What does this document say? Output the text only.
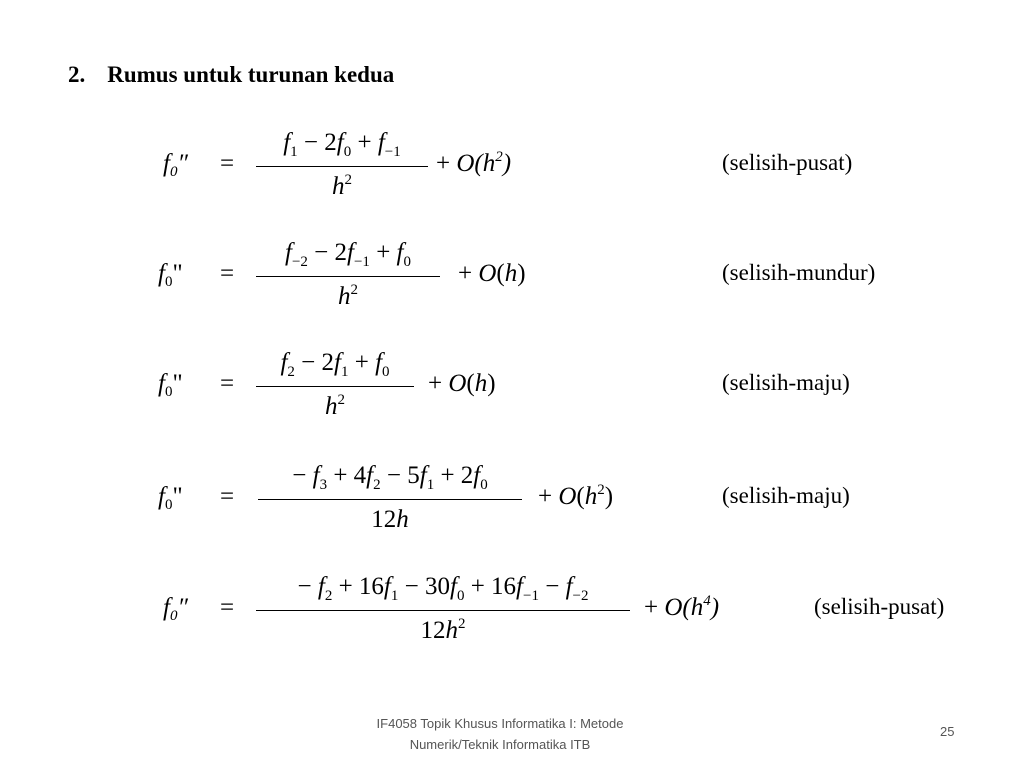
2. Rumus untuk turunan kedua
$f_0''$ =
$f_1 - 2f_0 + f_{-1}$
$h^2$
+ $O(h^2)$	(selisih-pusat)
$f_0$" =
$f_{-2} - 2f_{-1} + f_0$
$h^2$
+ O(h)	(selisih-mundur)
$f_0$" =
$f_2 - 2f_1 + f_0$
$h^2$
+ O(h)	(selisih-maju)
$f_0$" =
− $f_3 + 4f_2 - 5f_1 + 2f_0$
12h
+ $O(h^2)$	(selisih-maju)
$f_0''$ =
− $f_2 + 16f_1 - 30f_0 + 16f_{-1} - f_{-2}$
$12h^2$
+ $O(h^4)$	(selisih-pusat)
IF4058 Topik Khusus Informatika I: Metode
Numerik/Teknik Informatika ITB
25
